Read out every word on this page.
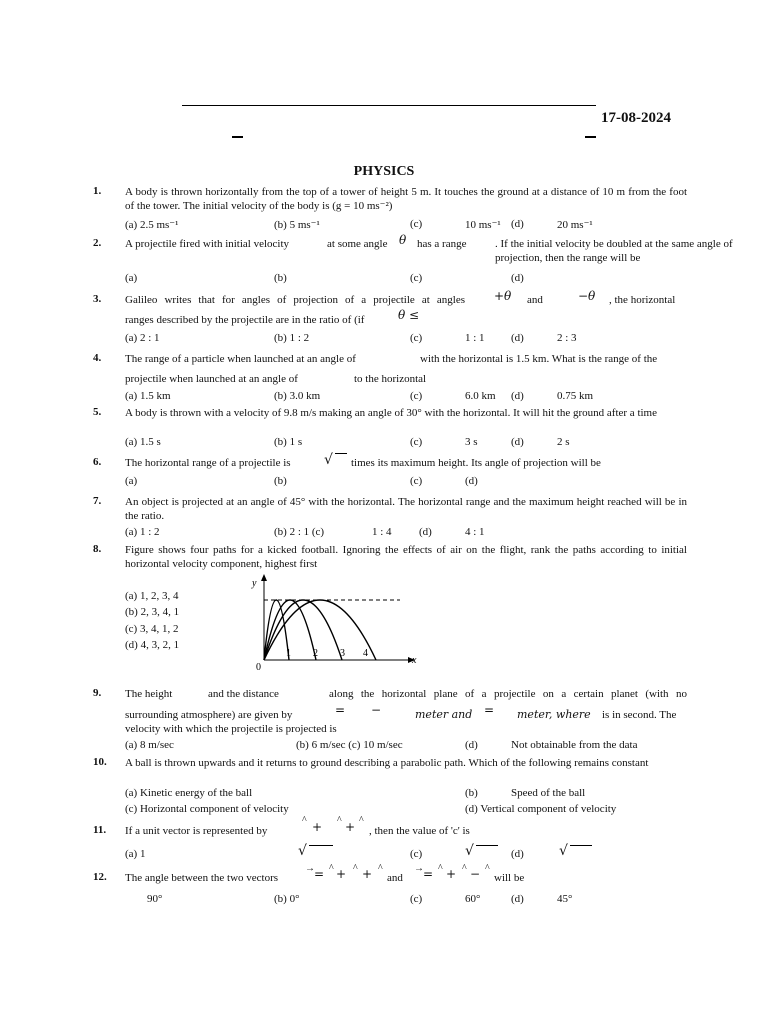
17-08-2024
PHYSICS
1. A body is thrown horizontally from the top of a tower of height 5 m. It touches the ground at a distance of 10 m from the foot of the tower. The initial velocity of the body is (g = 10 ms⁻²)
(a) 2.5 ms⁻¹	(b) 5 ms⁻¹	(c)	10 ms⁻¹ (d)	20 ms⁻¹
2. A projectile fired with initial velocity	at some angle θ has a range	. If the initial velocity be doubled at the same angle of projection, then the range will be
(a)	(b)	(c)	(d)
3. Galileo writes that for angles of projection of a projectile at angles +θ and	−θ , the horizontal
ranges described by the projectile are in the ratio of (if	θ ≤
(a) 2 : 1	(b) 1 : 2	(c)	1 : 1 (d)	2 : 3
4. The range of a particle when launched at an angle of	with the horizontal is 1.5 km. What is the range of the
projectile when launched at an angle of	to the horizontal
(a) 1.5 km	(b) 3.0 km	(c)	6.0 km (d)	0.75 km
5. A body is thrown with a velocity of 9.8 m/s making an angle of 30° with the horizontal. It will hit the ground after a time
(a) 1.5 s	(b) 1 s	(c)	3 s	(d)	2 s
6. The horizontal range of a projectile is √ times its maximum height. Its angle of projection will be
(a)	(b)	(c)	(d)
7. An object is projected at an angle of 45° with the horizontal. The horizontal range and the maximum height reached will be in the ratio.
(a) 1 : 2	(b) 2 : 1 (c)	1 : 4 (d)	4 : 1
8. Figure shows four paths for a kicked football. Ignoring the effects of air on the flight, rank the paths according to initial horizontal velocity component, highest first
(a) 1, 2, 3, 4
(b) 2, 3, 4, 1
(c) 3, 4, 1, 2
(d) 4, 3, 2, 1
y
x
0
1 2 3 4
9. The height	and the distance	along the horizontal plane of a projectile on a certain planet (with no
surrounding atmosphere) are given by	= −	meter and = meter, where is in second. The
velocity with which the projectile is projected is
(a) 8 m/sec	(b) 6 m/sec (c) 10 m/sec	(d)	Not obtainable from the data
10. A ball is thrown upwards and it returns to ground describing a parabolic path. Which of the following remains constant
(a) Kinetic energy of the ball	(b)	Speed of the ball
(c) Horizontal component of velocity	(d) Vertical component of velocity
11. If a unit vector is represented by
^ + ^ + ^
, then the value of 'c' is
(a) 1	√	(c)	√	(d)	√
12. The angle between the two vectors
→ = ^ + ^ + ^
and
→ = ^ + ^ − ^
will be
90°	(b) 0°	(c)	60°	(d)	45°
